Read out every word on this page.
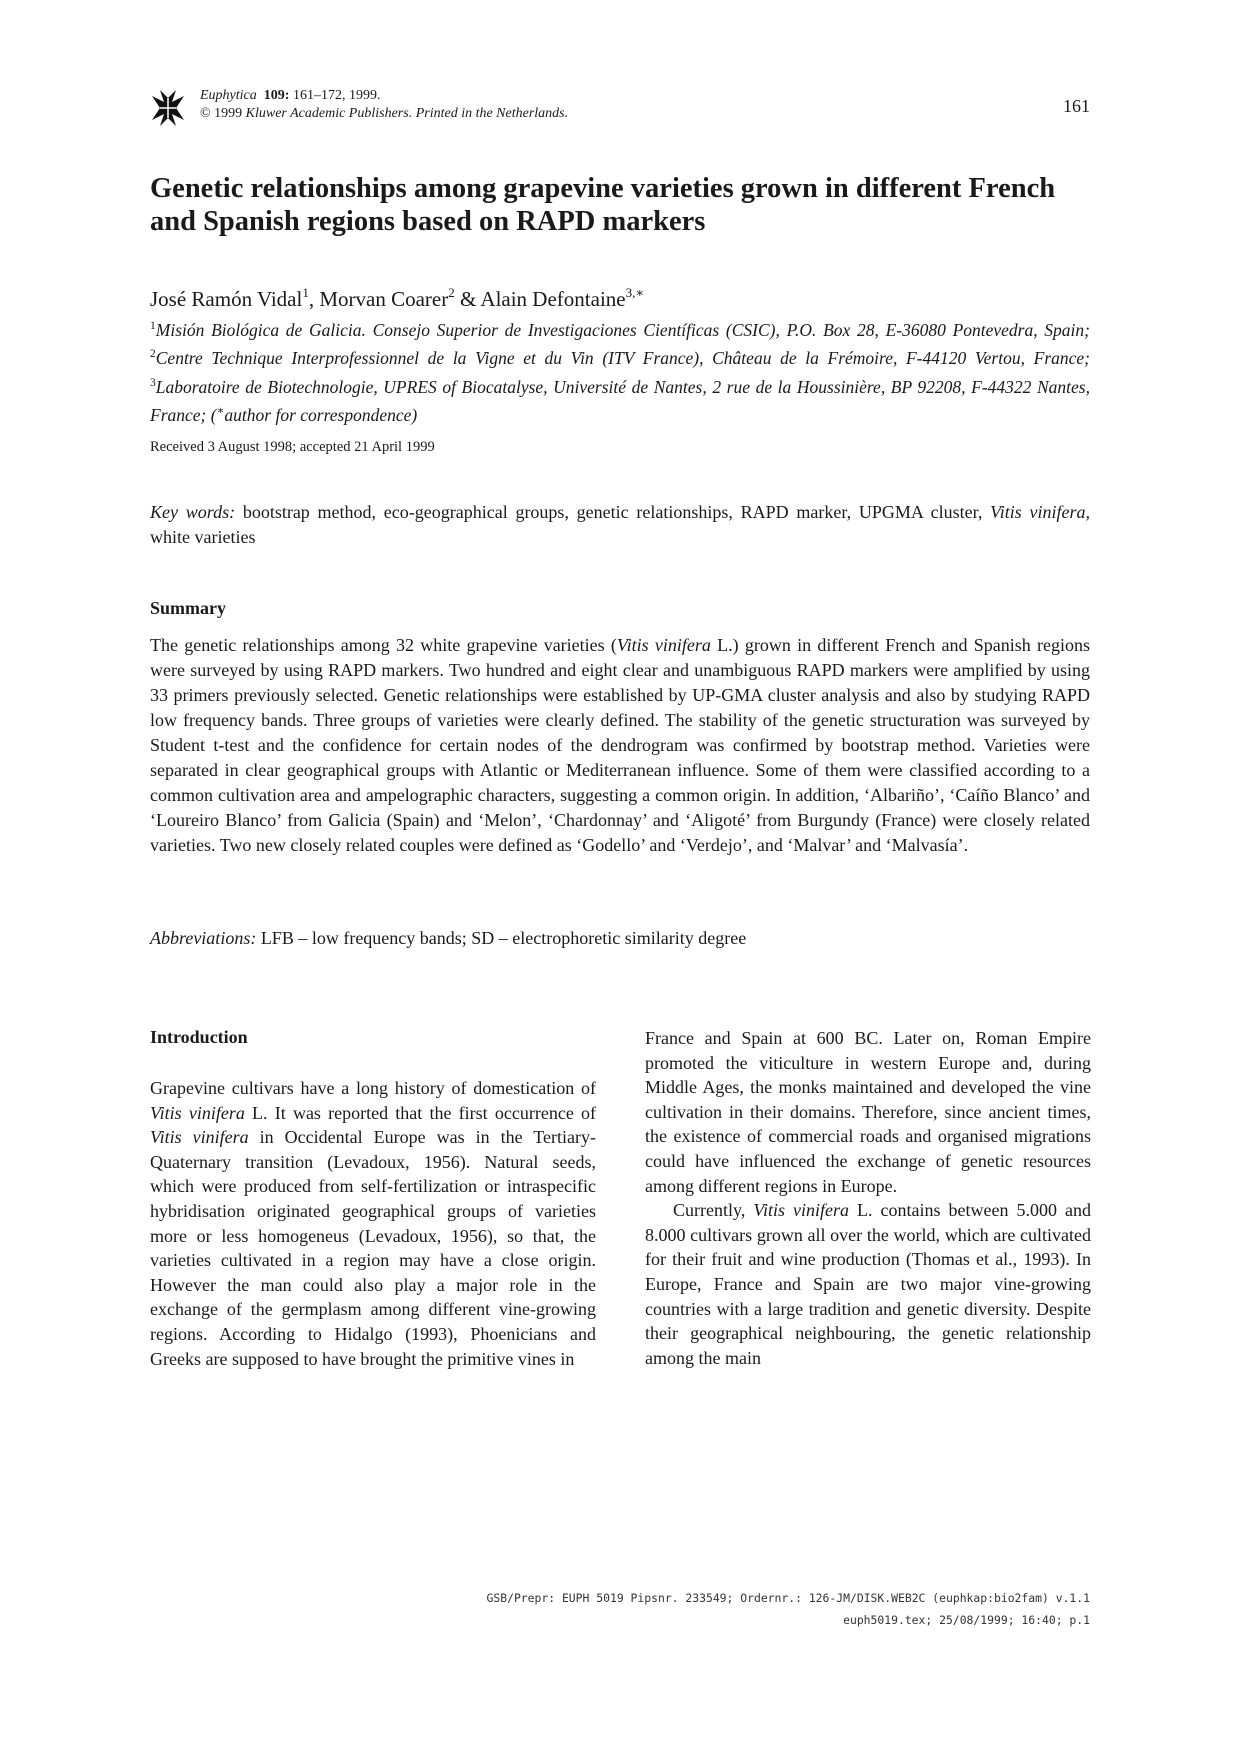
Euphytica 109: 161–172, 1999.
© 1999 Kluwer Academic Publishers. Printed in the Netherlands.	161
Genetic relationships among grapevine varieties grown in different French and Spanish regions based on RAPD markers
José Ramón Vidal$^1$, Morvan Coarer$^2$ & Alain Defontaine$^{3,∗}$
$^1$Misión Biológica de Galicia. Consejo Superior de Investigaciones Científicas (CSIC), P.O. Box 28, E-36080 Pontevedra, Spain; $^2$Centre Technique Interprofessionnel de la Vigne et du Vin (ITV France), Château de la Frémoire, F-44120 Vertou, France; $^3$Laboratoire de Biotechnologie, UPRES of Biocatalyse, Université de Nantes, 2 rue de la Houssinière, BP 92208, F-44322 Nantes, France; (∗author for correspondence)
Received 3 August 1998; accepted 21 April 1999
Key words: bootstrap method, eco-geographical groups, genetic relationships, RAPD marker, UPGMA cluster, Vitis vinifera, white varieties
Summary
The genetic relationships among 32 white grapevine varieties (Vitis vinifera L.) grown in different French and Spanish regions were surveyed by using RAPD markers. Two hundred and eight clear and unambiguous RAPD markers were amplified by using 33 primers previously selected. Genetic relationships were established by UP-GMA cluster analysis and also by studying RAPD low frequency bands. Three groups of varieties were clearly defined. The stability of the genetic structuration was surveyed by Student t-test and the confidence for certain nodes of the dendrogram was confirmed by bootstrap method. Varieties were separated in clear geographical groups with Atlantic or Mediterranean influence. Some of them were classified according to a common cultivation area and ampelographic characters, suggesting a common origin. In addition, ‘Albariño’, ‘Caíño Blanco’ and ‘Loureiro Blanco’ from Galicia (Spain) and ‘Melon’, ‘Chardonnay’ and ‘Aligoté’ from Burgundy (France) were closely related varieties. Two new closely related couples were defined as ‘Godello’ and ‘Verdejo’, and ‘Malvar’ and ‘Malvasía’.
Abbreviations: LFB – low frequency bands; SD – electrophoretic similarity degree
Introduction

Grapevine cultivars have a long history of domestication of Vitis vinifera L. It was reported that the first occurrence of Vitis vinifera in Occidental Europe was in the Tertiary-Quaternary transition (Levadoux, 1956). Natural seeds, which were produced from self-fertilization or intraspecific hybridisation originated geographical groups of varieties more or less homogeneus (Levadoux, 1956), so that, the varieties cultivated in a region may have a close origin. However the man could also play a major role in the exchange of the germplasm among different vine-growing regions. According to Hidalgo (1993), Phoenicians and Greeks are supposed to have brought the primitive vines in

France and Spain at 600 BC. Later on, Roman Empire promoted the viticulture in western Europe and, during Middle Ages, the monks maintained and developed the vine cultivation in their domains. Therefore, since ancient times, the existence of commercial roads and organised migrations could have influenced the exchange of genetic resources among different regions in Europe.

Currently, Vitis vinifera L. contains between 5.000 and 8.000 cultivars grown all over the world, which are cultivated for their fruit and wine production (Thomas et al., 1993). In Europe, France and Spain are two major vine-growing countries with a large tradition and genetic diversity. Despite their geographical neighbouring, the genetic relationship among the main

GSB/Prepr: EUPH 5019 Pipsnr. 233549; Ordernr.: 126-JM/DISK.WEB2C (euphkap:bio2fam) v.1.1
euph5019.tex; 25/08/1999; 16:40; p.1
